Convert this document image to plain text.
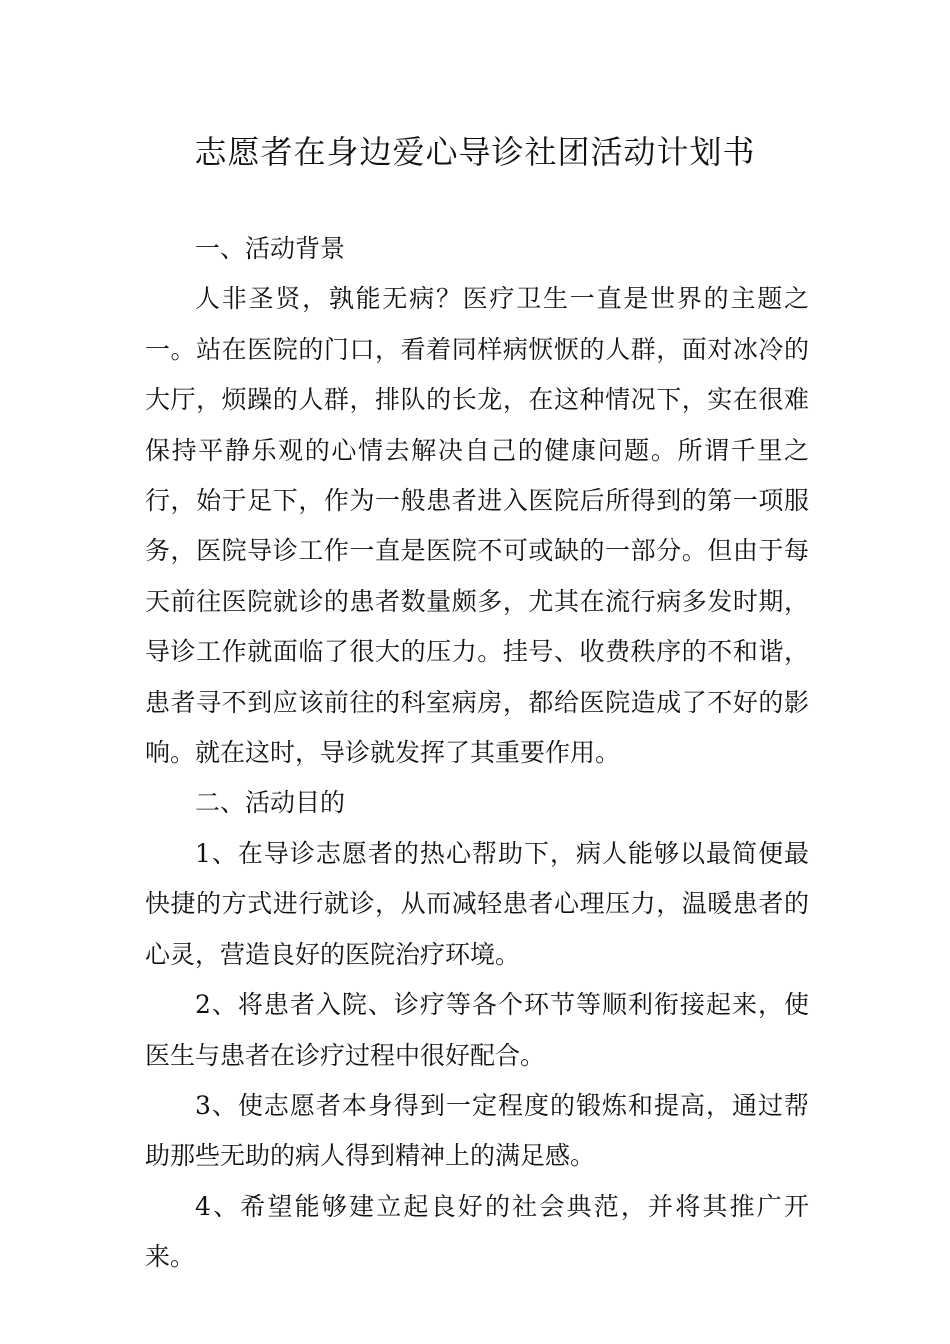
志愿者在身边爱心导诊社团活动计划书

一、活动背景

人非圣贤，孰能无病？医疗卫生一直是世界的主题之一。站在医院的门口，看着同样病恹恹的人群，面对冰冷的大厅，烦躁的人群，排队的长龙，在这种情况下，实在很难保持平静乐观的心情去解决自己的健康问题。所谓千里之行，始于足下，作为一般患者进入医院后所得到的第一项服务，医院导诊工作一直是医院不可或缺的一部分。但由于每天前往医院就诊的患者数量颇多，尤其在流行病多发时期，导诊工作就面临了很大的压力。挂号、收费秩序的不和谐，患者寻不到应该前往的科室病房，都给医院造成了不好的影响。就在这时，导诊就发挥了其重要作用。

二、活动目的

1、在导诊志愿者的热心帮助下，病人能够以最简便最快捷的方式进行就诊，从而减轻患者心理压力，温暖患者的心灵，营造良好的医院治疗环境。

2、将患者入院、诊疗等各个环节等顺利衔接起来，使医生与患者在诊疗过程中很好配合。

3、使志愿者本身得到一定程度的锻炼和提高，通过帮助那些无助的病人得到精神上的满足感。

4、希望能够建立起良好的社会典范，并将其推广开来。
